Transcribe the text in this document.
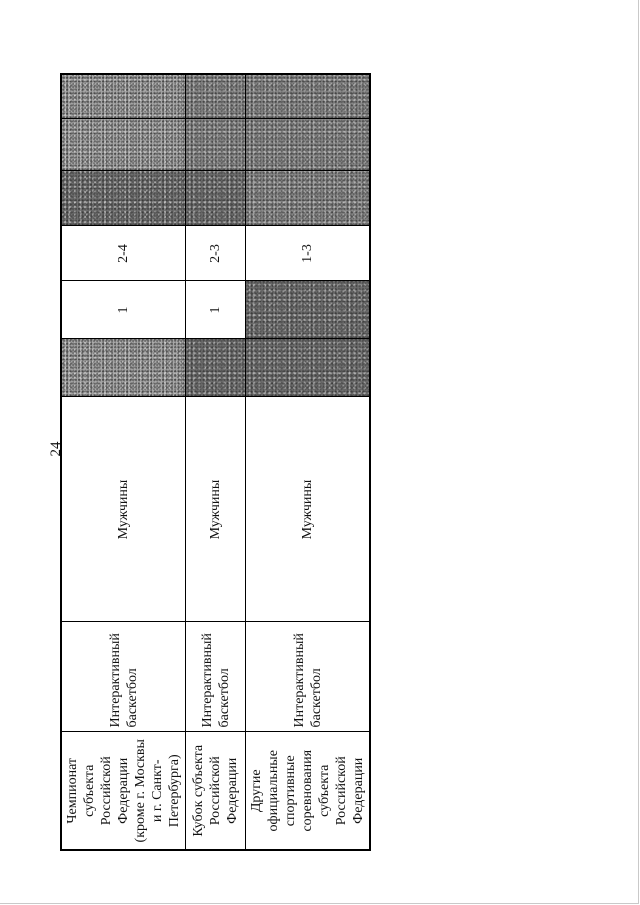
24
Чемпионат субъекта Российской Федерации (кроме г. Москвы и г. Санкт-Петербурга)	Интерактивный баскетбол	Мужчины		1	2-4			
Кубок субъекта Российской Федерации	Интерактивный баскетбол	Мужчины		1	2-3			
Другие официальные спортивные соревнования субъекта Российской Федерации	Интерактивный баскетбол	Мужчины			1-3			
